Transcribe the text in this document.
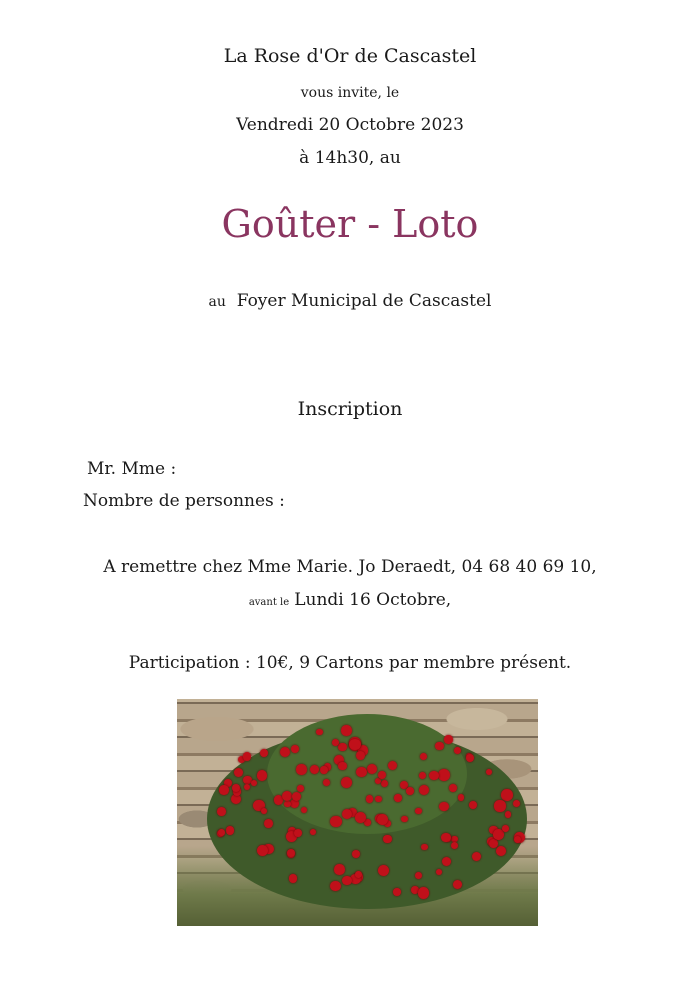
La Rose d'Or de Cascastel
vous invite, le
Vendredi 20 Octobre 2023
à 14h30, au
Goûter - Loto
au Foyer Municipal de Cascastel
Inscription
Mr. Mme :
Nombre de personnes :
A remettre chez Mme Marie. Jo Deraedt, 04 68 40 69 10,
avant le Lundi 16 Octobre,
Participation : 10€, 9 Cartons par membre présent.
